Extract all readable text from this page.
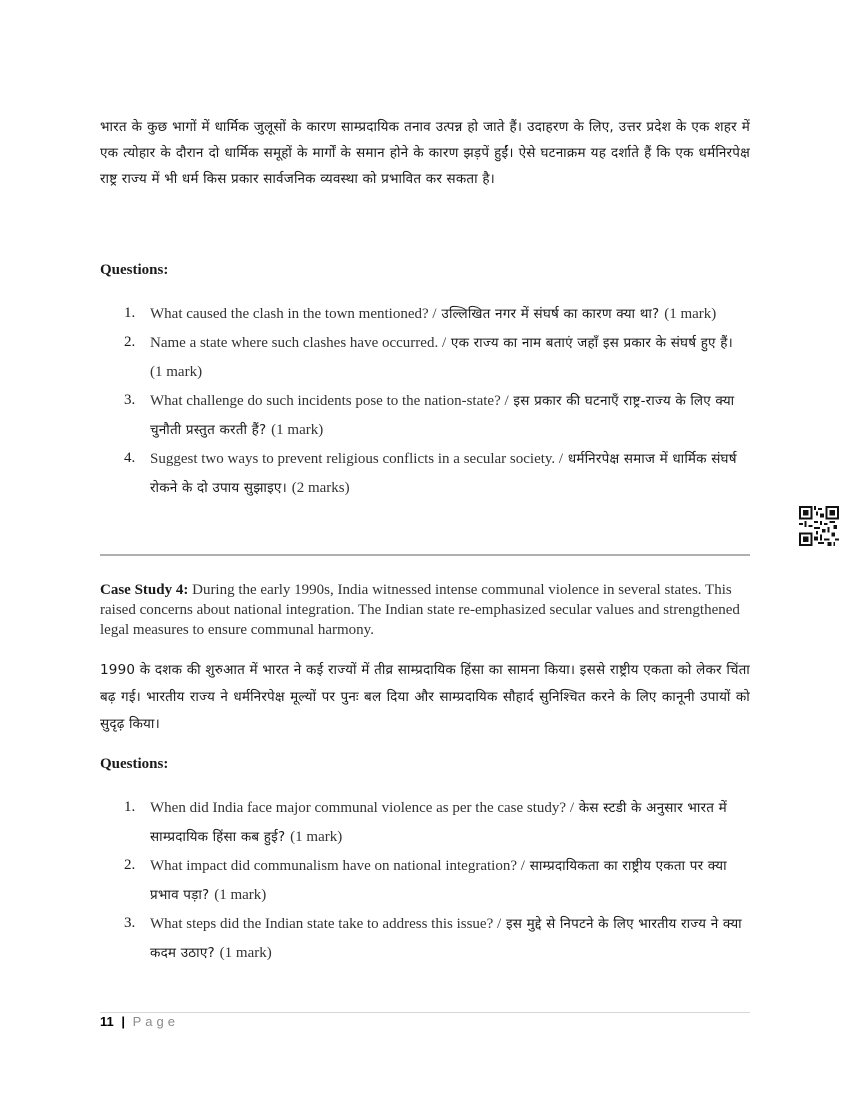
भारत के कुछ भागों में धार्मिक जुलूसों के कारण साम्प्रदायिक तनाव उत्पन्न हो जाते हैं। उदाहरण के लिए, उत्तर प्रदेश के एक शहर में एक त्योहार के दौरान दो धार्मिक समूहों के मार्गों के समान होने के कारण झड़पें हुईं। ऐसे घटनाक्रम यह दर्शाते हैं कि एक धर्मनिरपेक्ष राष्ट्र राज्य में भी धर्म किस प्रकार सार्वजनिक व्यवस्था को प्रभावित कर सकता है।

Questions:
1. What caused the clash in the town mentioned? / उल्लिखित नगर में संघर्ष का कारण क्या था? (1 mark)
2. Name a state where such clashes have occurred. / एक राज्य का नाम बताएं जहाँ इस प्रकार के संघर्ष हुए हैं। (1 mark)
3. What challenge do such incidents pose to the nation-state? / इस प्रकार की घटनाएँ राष्ट्र-राज्य के लिए क्या चुनौती प्रस्तुत करती हैं? (1 mark)
4. Suggest two ways to prevent religious conflicts in a secular society. / धर्मनिरपेक्ष समाज में धार्मिक संघर्ष रोकने के दो उपाय सुझाइए। (2 marks)
Case Study 4: During the early 1990s, India witnessed intense communal violence in several states. This raised concerns about national integration. The Indian state re-emphasized secular values and strengthened legal measures to ensure communal harmony.

1990 के दशक की शुरुआत में भारत ने कई राज्यों में तीव्र साम्प्रदायिक हिंसा का सामना किया। इससे राष्ट्रीय एकता को लेकर चिंता बढ़ गई। भारतीय राज्य ने धर्मनिरपेक्ष मूल्यों पर पुनः बल दिया और साम्प्रदायिक सौहार्द सुनिश्चित करने के लिए कानूनी उपायों को सुदृढ़ किया।

Questions:
1. When did India face major communal violence as per the case study? / केस स्टडी के अनुसार भारत में साम्प्रदायिक हिंसा कब हुई? (1 mark)
2. What impact did communalism have on national integration? / साम्प्रदायिकता का राष्ट्रीय एकता पर क्या प्रभाव पड़ा? (1 mark)
3. What steps did the Indian state take to address this issue? / इस मुद्दे से निपटने के लिए भारतीय राज्य ने क्या कदम उठाए? (1 mark)
11 | Page
